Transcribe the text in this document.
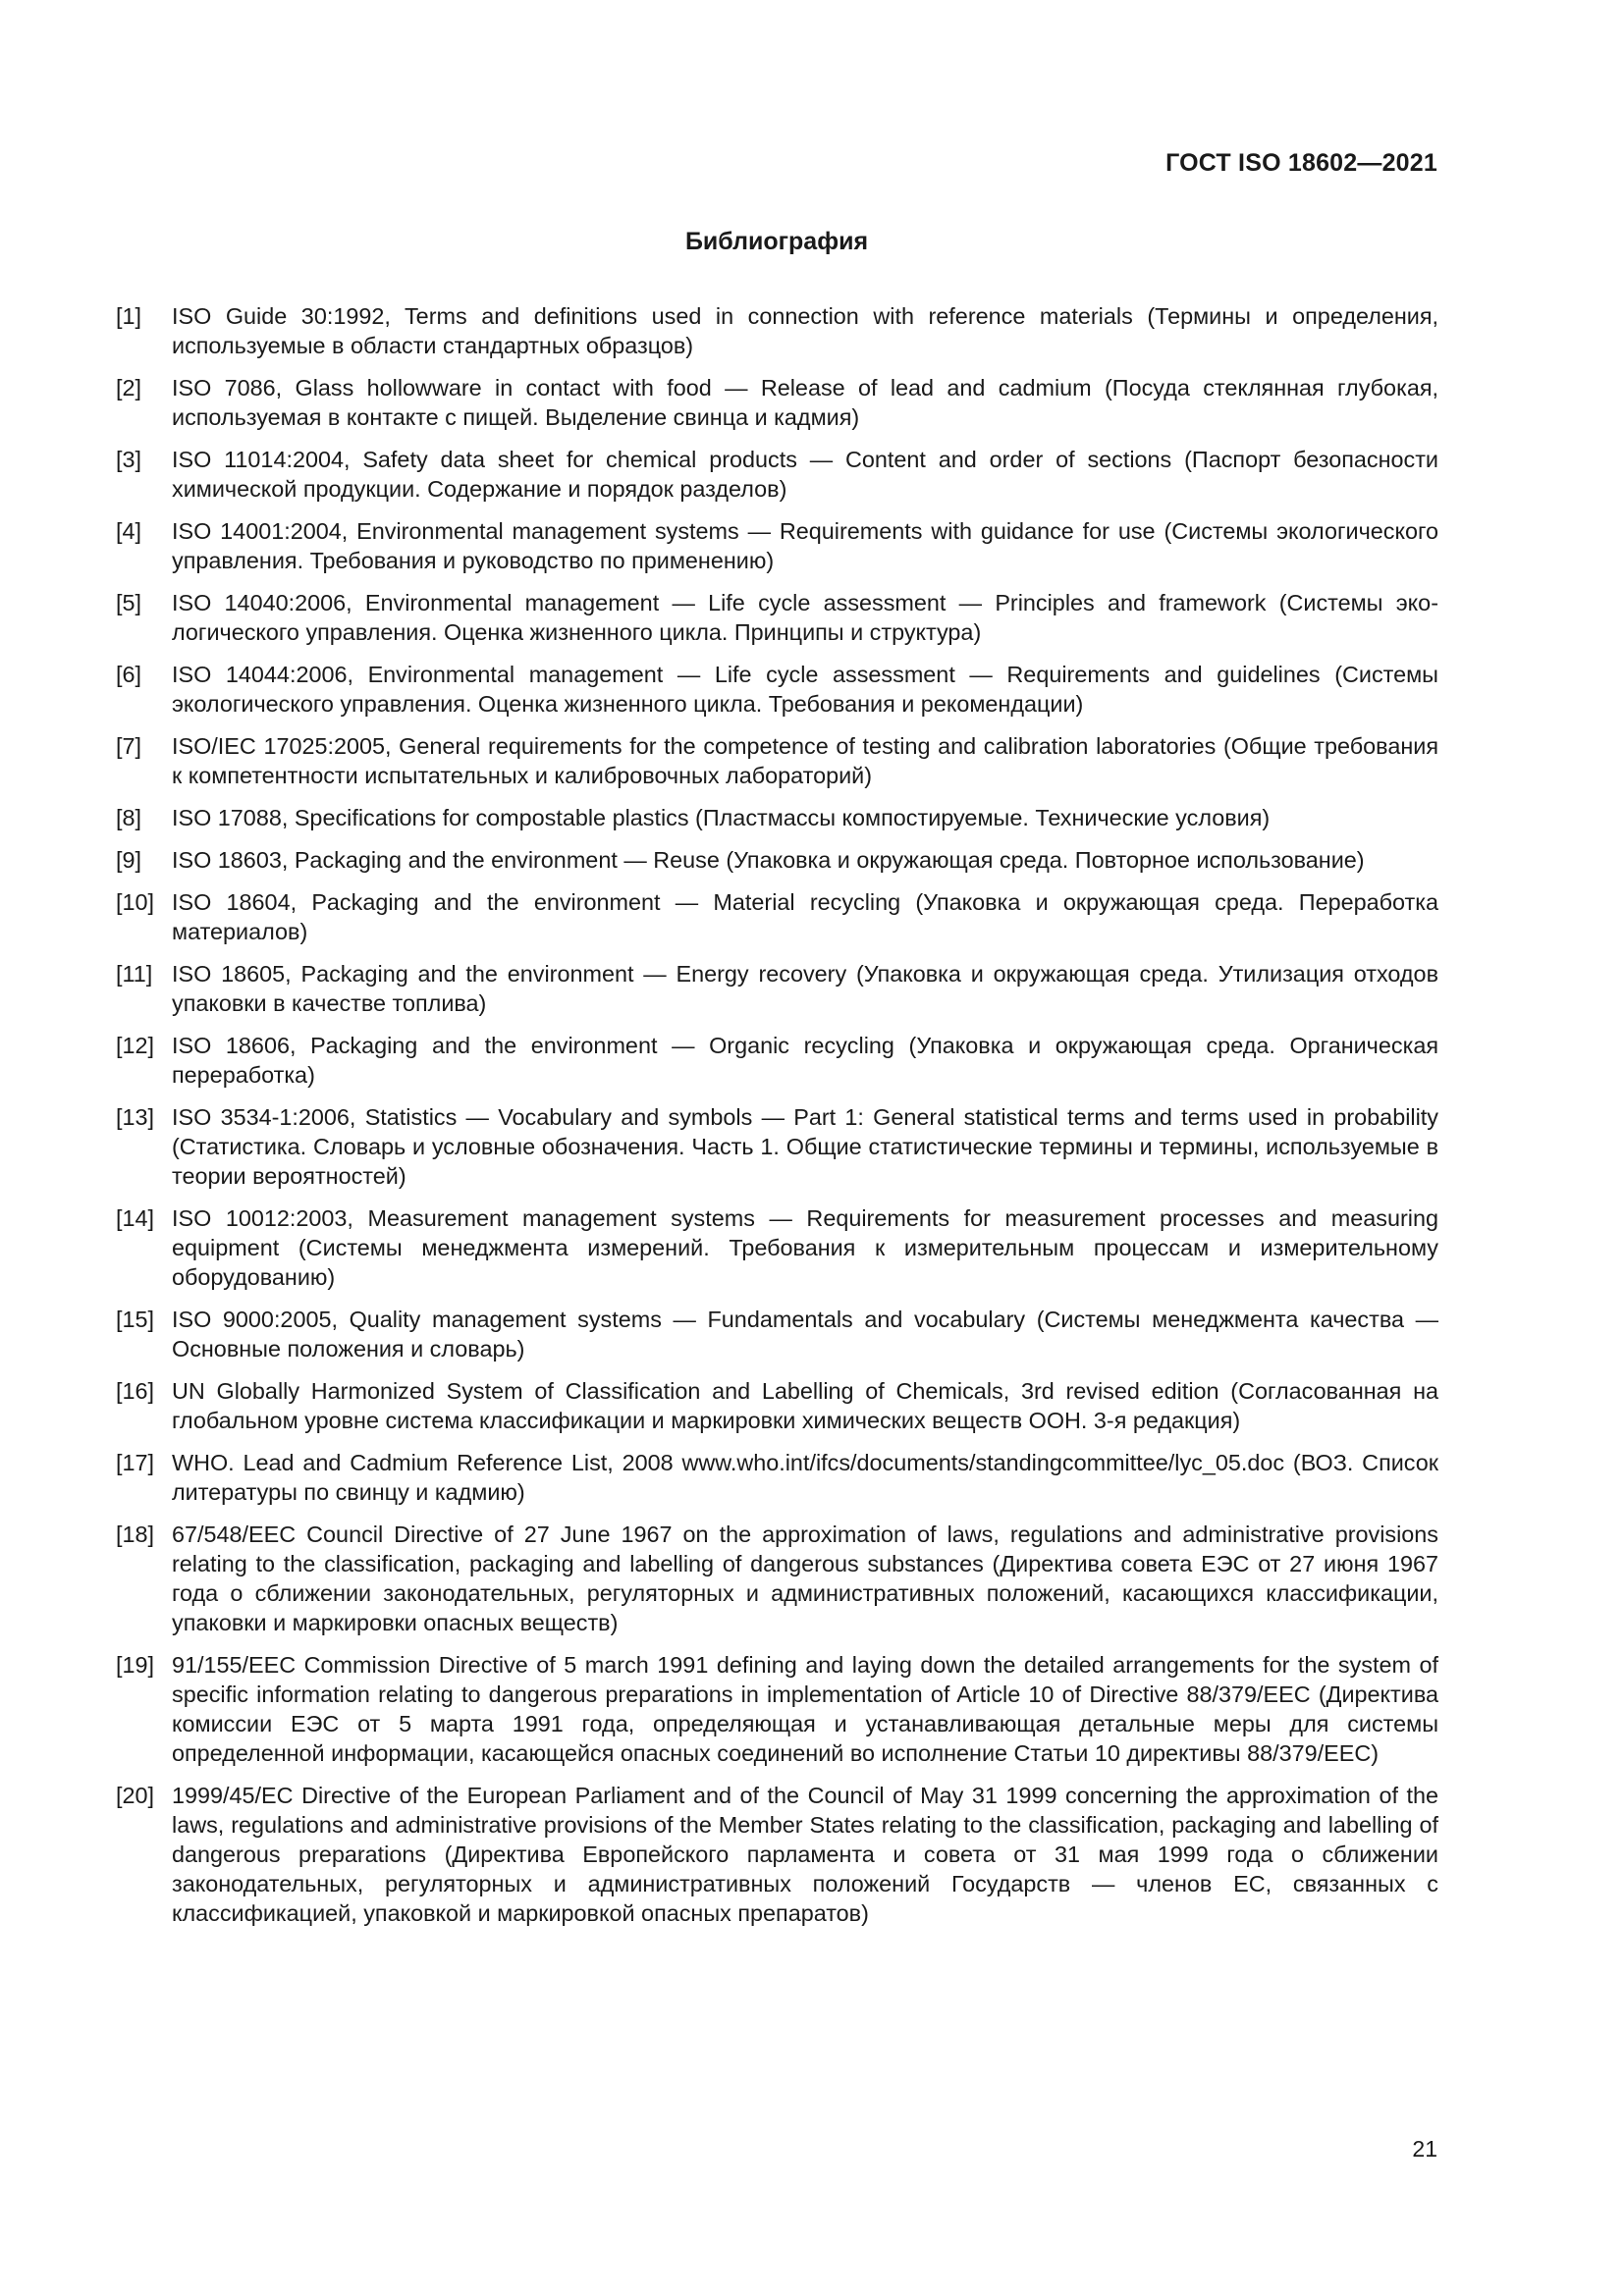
ГОСТ ISO 18602—2021
Библиография
[1]	ISO Guide 30:1992, Terms and definitions used in connection with reference materials (Термины и определения, используемые в области стандартных образцов)
[2]	ISO 7086, Glass hollowware in contact with food — Release of lead and cadmium (Посуда стеклянная глубокая, используемая в контакте с пищей. Выделение свинца и кадмия)
[3]	ISO 11014:2004, Safety data sheet for chemical products — Content and order of sections (Паспорт безопасности химической продукции. Содержание и порядок разделов)
[4]	ISO 14001:2004, Environmental management systems — Requirements with guidance for use (Системы экологического управления. Требования и руководство по применению)
[5]	ISO 14040:2006, Environmental management — Life cycle assessment — Principles and framework (Системы экологического управления. Оценка жизненного цикла. Принципы и структура)
[6]	ISO 14044:2006, Environmental management — Life cycle assessment — Requirements and guidelines (Системы экологического управления. Оценка жизненного цикла. Требования и рекомендации)
[7]	ISO/IEC 17025:2005, General requirements for the competence of testing and calibration laboratories (Общие требования к компетентности испытательных и калибровочных лабораторий)
[8]	ISO 17088, Specifications for compostable plastics (Пластмассы компостируемые. Технические условия)
[9]	ISO 18603, Packaging and the environment — Reuse (Упаковка и окружающая среда. Повторное использование)
[10] ISO 18604, Packaging and the environment — Material recycling (Упаковка и окружающая среда. Переработка материалов)
[11] ISO 18605, Packaging and the environment — Energy recovery (Упаковка и окружающая среда. Утилизация отходов упаковки в качестве топлива)
[12] ISO 18606, Packaging and the environment — Organic recycling (Упаковка и окружающая среда. Органическая переработка)
[13] ISO 3534-1:2006, Statistics — Vocabulary and symbols — Part 1: General statistical terms and terms used in probability (Статистика. Словарь и условные обозначения. Часть 1. Общие статистические термины и термины, используемые в теории вероятностей)
[14] ISO 10012:2003, Measurement management systems — Requirements for measurement processes and measuring equipment (Системы менеджмента измерений. Требования к измерительным процессам и измерительному оборудованию)
[15] ISO 9000:2005, Quality management systems — Fundamentals and vocabulary (Системы менеджмента качества — Основные положения и словарь)
[16] UN Globally Harmonized System of Classification and Labelling of Chemicals, 3rd revised edition (Согласованная на глобальном уровне система классификации и маркировки химических веществ ООН. 3-я редакция)
[17] WHO. Lead and Cadmium Reference List, 2008 www.who.int/ifcs/documents/standingcommittee/lyc_05.doc (ВОЗ. Список литературы по свинцу и кадмию)
[18] 67/548/EEC Council Directive of 27 June 1967 on the approximation of laws, regulations and administrative provisions relating to the classification, packaging and labelling of dangerous substances (Директива совета ЕЭС от 27 июня 1967 года о сближении законодательных, регуляторных и административных положений, касающихся классификации, упаковки и маркировки опасных веществ)
[19] 91/155/EEC Commission Directive of 5 march 1991 defining and laying down the detailed arrangements for the system of specific information relating to dangerous preparations in implementation of Article 10 of Directive 88/379/EEC (Директива комиссии ЕЭС от 5 марта 1991 года, определяющая и устанавливающая детальные меры для системы определенной информации, касающейся опасных соединений во исполнение Статьи 10 директивы 88/379/EEC)
[20] 1999/45/EC Directive of the European Parliament and of the Council of May 31 1999 concerning the approximation of the laws, regulations and administrative provisions of the Member States relating to the classification, packaging and labelling of dangerous preparations (Директива Европейского парламента и совета от 31 мая 1999 года о сближении законодательных, регуляторных и административных положений Государств — членов ЕС, связанных с классификацией, упаковкой и маркировкой опасных препаратов)
21
